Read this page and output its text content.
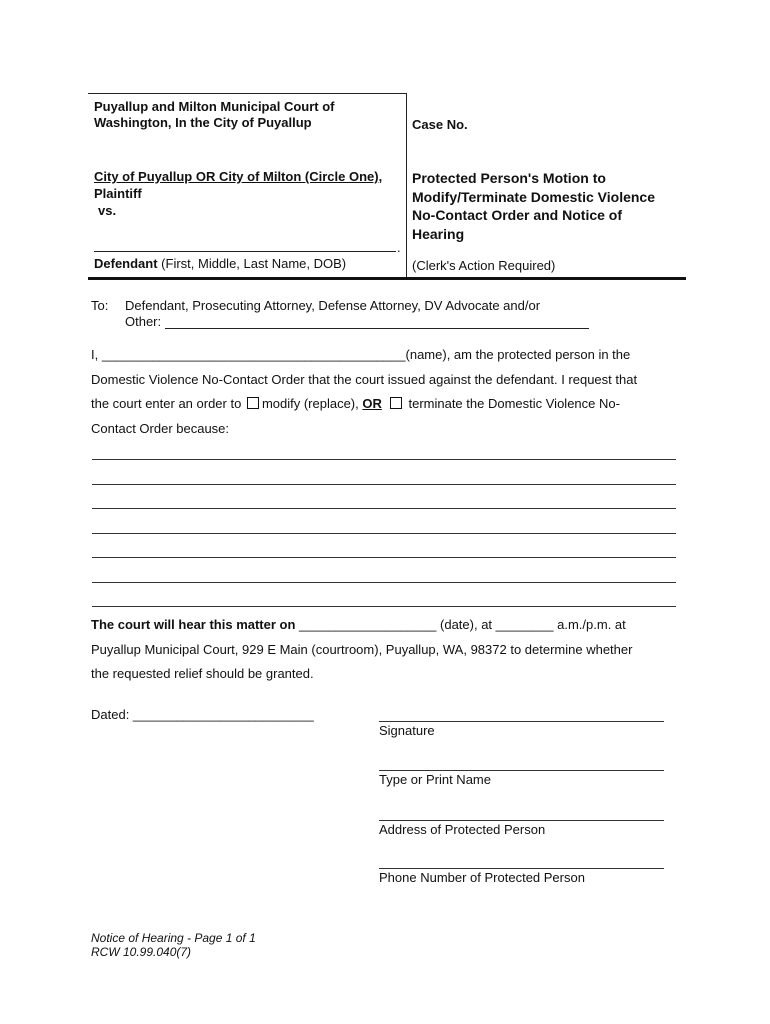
Puyallup and Milton Municipal Court of
Washington, In the City of Puyallup	Case No.
City of Puyallup OR City of Milton (Circle One),
Plaintiff
vs.
.
Defendant (First, Middle, Last Name, DOB)
Protected Person's Motion to
Modify/Terminate Domestic Violence
No-Contact Order and Notice of
Hearing
(Clerk's Action Required)
To: Defendant, Prosecuting Attorney, Defense Attorney, DV Advocate and/or
Other:
I, __________________________________________(name), am the protected person in the
Domestic Violence No-Contact Order that the court issued against the defendant. I request that
the court enter an order to modify (replace), OR terminate the Domestic Violence No-
Contact Order because:
The court will hear this matter on ___________________ (date), at ________ a.m./p.m. at
Puyallup Municipal Court, 929 E Main (courtroom), Puyallup, WA, 98372 to determine whether
the requested relief should be granted.
Dated: _________________________
Signature
Type or Print Name
Address of Protected Person
Phone Number of Protected Person
Notice of Hearing - Page 1 of 1
RCW 10.99.040(7)
